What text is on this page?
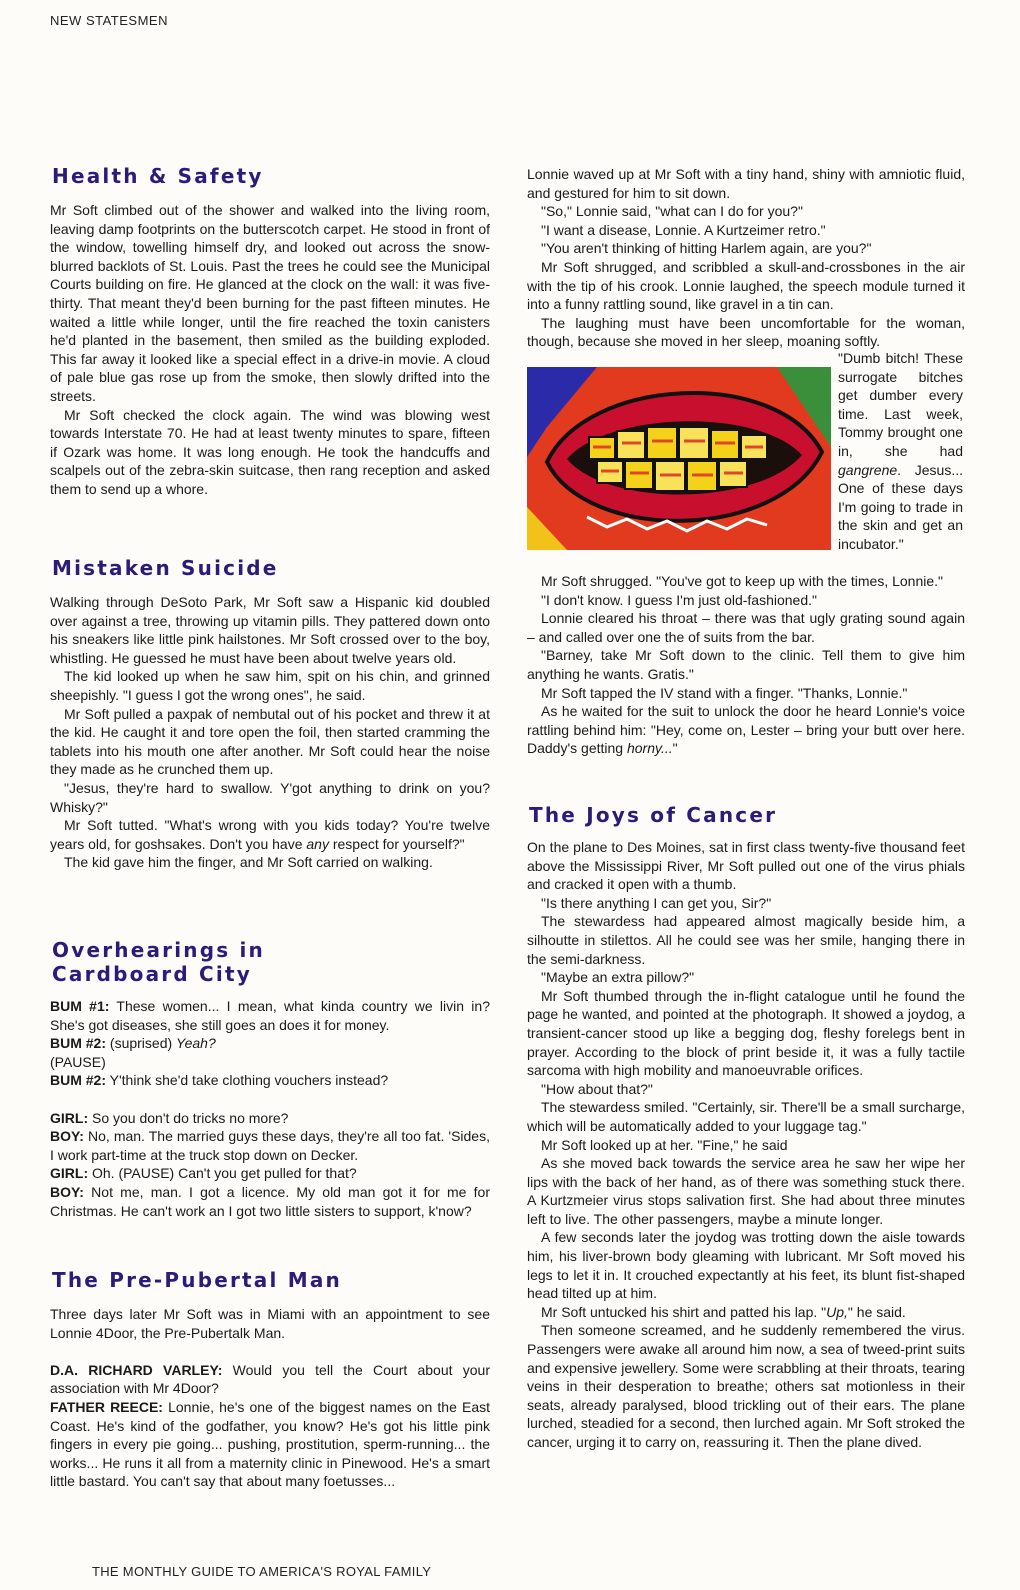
NEW STATESMEN
Health & Safety

Mr Soft climbed out of the shower and walked into the living room, leaving damp footprints on the butterscotch carpet. He stood in front of the window, towelling himself dry, and looked out across the snow-blurred backlots of St. Louis. Past the trees he could see the Municipal Courts building on fire. He glanced at the clock on the wall: it was five-thirty. That meant they'd been burning for the past fifteen minutes. He waited a little while longer, until the fire reached the toxin canisters he'd planted in the basement, then smiled as the building exploded. This far away it looked like a special effect in a drive-in movie. A cloud of pale blue gas rose up from the smoke, then slowly drifted into the streets.

Mr Soft checked the clock again. The wind was blowing west towards Interstate 70. He had at least twenty minutes to spare, fifteen if Ozark was home. It was long enough. He took the handcuffs and scalpels out of the zebra-skin suitcase, then rang reception and asked them to send up a whore.

Mistaken Suicide

Walking through DeSoto Park, Mr Soft saw a Hispanic kid doubled over against a tree, throwing up vitamin pills. They pattered down onto his sneakers like little pink hailstones. Mr Soft crossed over to the boy, whistling. He guessed he must have been about twelve years old.

The kid looked up when he saw him, spit on his chin, and grinned sheepishly. "I guess I got the wrong ones", he said.

Mr Soft pulled a paxpak of nembutal out of his pocket and threw it at the kid. He caught it and tore open the foil, then started cramming the tablets into his mouth one after another. Mr Soft could hear the noise they made as he crunched them up.

"Jesus, they're hard to swallow. Y'got anything to drink on you? Whisky?"

Mr Soft tutted. "What's wrong with you kids today? You're twelve years old, for goshsakes. Don't you have any respect for yourself?"

The kid gave him the finger, and Mr Soft carried on walking.

Overhearings in
Cardboard City

BUM #1: These women... I mean, what kinda country we livin in? She's got diseases, she still goes an does it for money.

BUM #2: (suprised) Yeah?

(PAUSE)

BUM #2: Y'think she'd take clothing vouchers instead?

GIRL: So you don't do tricks no more?

BOY: No, man. The married guys these days, they're all too fat. 'Sides, I work part-time at the truck stop down on Decker.

GIRL: Oh. (PAUSE) Can't you get pulled for that?

BOY: Not me, man. I got a licence. My old man got it for me for Christmas. He can't work an I got two little sisters to support, k'now?

The Pre-Pubertal Man

Three days later Mr Soft was in Miami with an appointment to see Lonnie 4Door, the Pre-Pubertalk Man.

D.A. RICHARD VARLEY: Would you tell the Court about your association with Mr 4Door?

FATHER REECE: Lonnie, he's one of the biggest names on the East Coast. He's kind of the godfather, you know? He's got his little pink fingers in every pie going... pushing, prostitution, sperm-running... the works... He runs it all from a maternity clinic in Pinewood. He's a smart little bastard. You can't say that about many foetusses...

Lonnie waved up at Mr Soft with a tiny hand, shiny with amniotic fluid, and gestured for him to sit down.

"So," Lonnie said, "what can I do for you?"

"I want a disease, Lonnie. A Kurtzeimer retro."

"You aren't thinking of hitting Harlem again, are you?"

Mr Soft shrugged, and scribbled a skull-and-crossbones in the air with the tip of his crook. Lonnie laughed, the speech module turned it into a funny rattling sound, like gravel in a tin can.

The laughing must have been uncomfortable for the woman, though, because she moved in her sleep, moaning softly.

"Dumb bitch! These surrogate bitches get dumber every time. Last week, Tommy brought one in, she had gangrene. Jesus... One of these days I'm going to trade in the skin and get an incubator."

Mr Soft shrugged. "You've got to keep up with the times, Lonnie."

"I don't know. I guess I'm just old-fashioned."

Lonnie cleared his throat – there was that ugly grating sound again – and called over one the of suits from the bar.

"Barney, take Mr Soft down to the clinic. Tell them to give him anything he wants. Gratis."

Mr Soft tapped the IV stand with a finger. "Thanks, Lonnie."

As he waited for the suit to unlock the door he heard Lonnie's voice rattling behind him: "Hey, come on, Lester – bring your butt over here. Daddy's getting horny..."

The Joys of Cancer

On the plane to Des Moines, sat in first class twenty-five thousand feet above the Mississippi River, Mr Soft pulled out one of the virus phials and cracked it open with a thumb.

"Is there anything I can get you, Sir?"

The stewardess had appeared almost magically beside him, a silhoutte in stilettos. All he could see was her smile, hanging there in the semi-darkness.

"Maybe an extra pillow?"

Mr Soft thumbed through the in-flight catalogue until he found the page he wanted, and pointed at the photograph. It showed a joydog, a transient-cancer stood up like a begging dog, fleshy forelegs bent in prayer. According to the block of print beside it, it was a fully tactile sarcoma with high mobility and manoeuvrable orifices.

"How about that?"

The stewardess smiled. "Certainly, sir. There'll be a small surcharge, which will be automatically added to your luggage tag."

Mr Soft looked up at her. "Fine," he said

As she moved back towards the service area he saw her wipe her lips with the back of her hand, as of there was something stuck there. A Kurtzmeier virus stops salivation first. She had about three minutes left to live. The other passengers, maybe a minute longer.

A few seconds later the joydog was trotting down the aisle towards him, his liver-brown body gleaming with lubricant. Mr Soft moved his legs to let it in. It crouched expectantly at his feet, its blunt fist-shaped head tilted up at him.

Mr Soft untucked his shirt and patted his lap. "Up," he said.

Then someone screamed, and he suddenly remembered the virus. Passengers were awake all around him now, a sea of tweed-print suits and expensive jewellery. Some were scrabbling at their throats, tearing veins in their desperation to breathe; others sat motionless in their seats, already paralysed, blood trickling out of their ears. The plane lurched, steadied for a second, then lurched again. Mr Soft stroked the cancer, urging it to carry on, reassuring it. Then the plane dived.

THE MONTHLY GUIDE TO AMERICA'S ROYAL FAMILY
